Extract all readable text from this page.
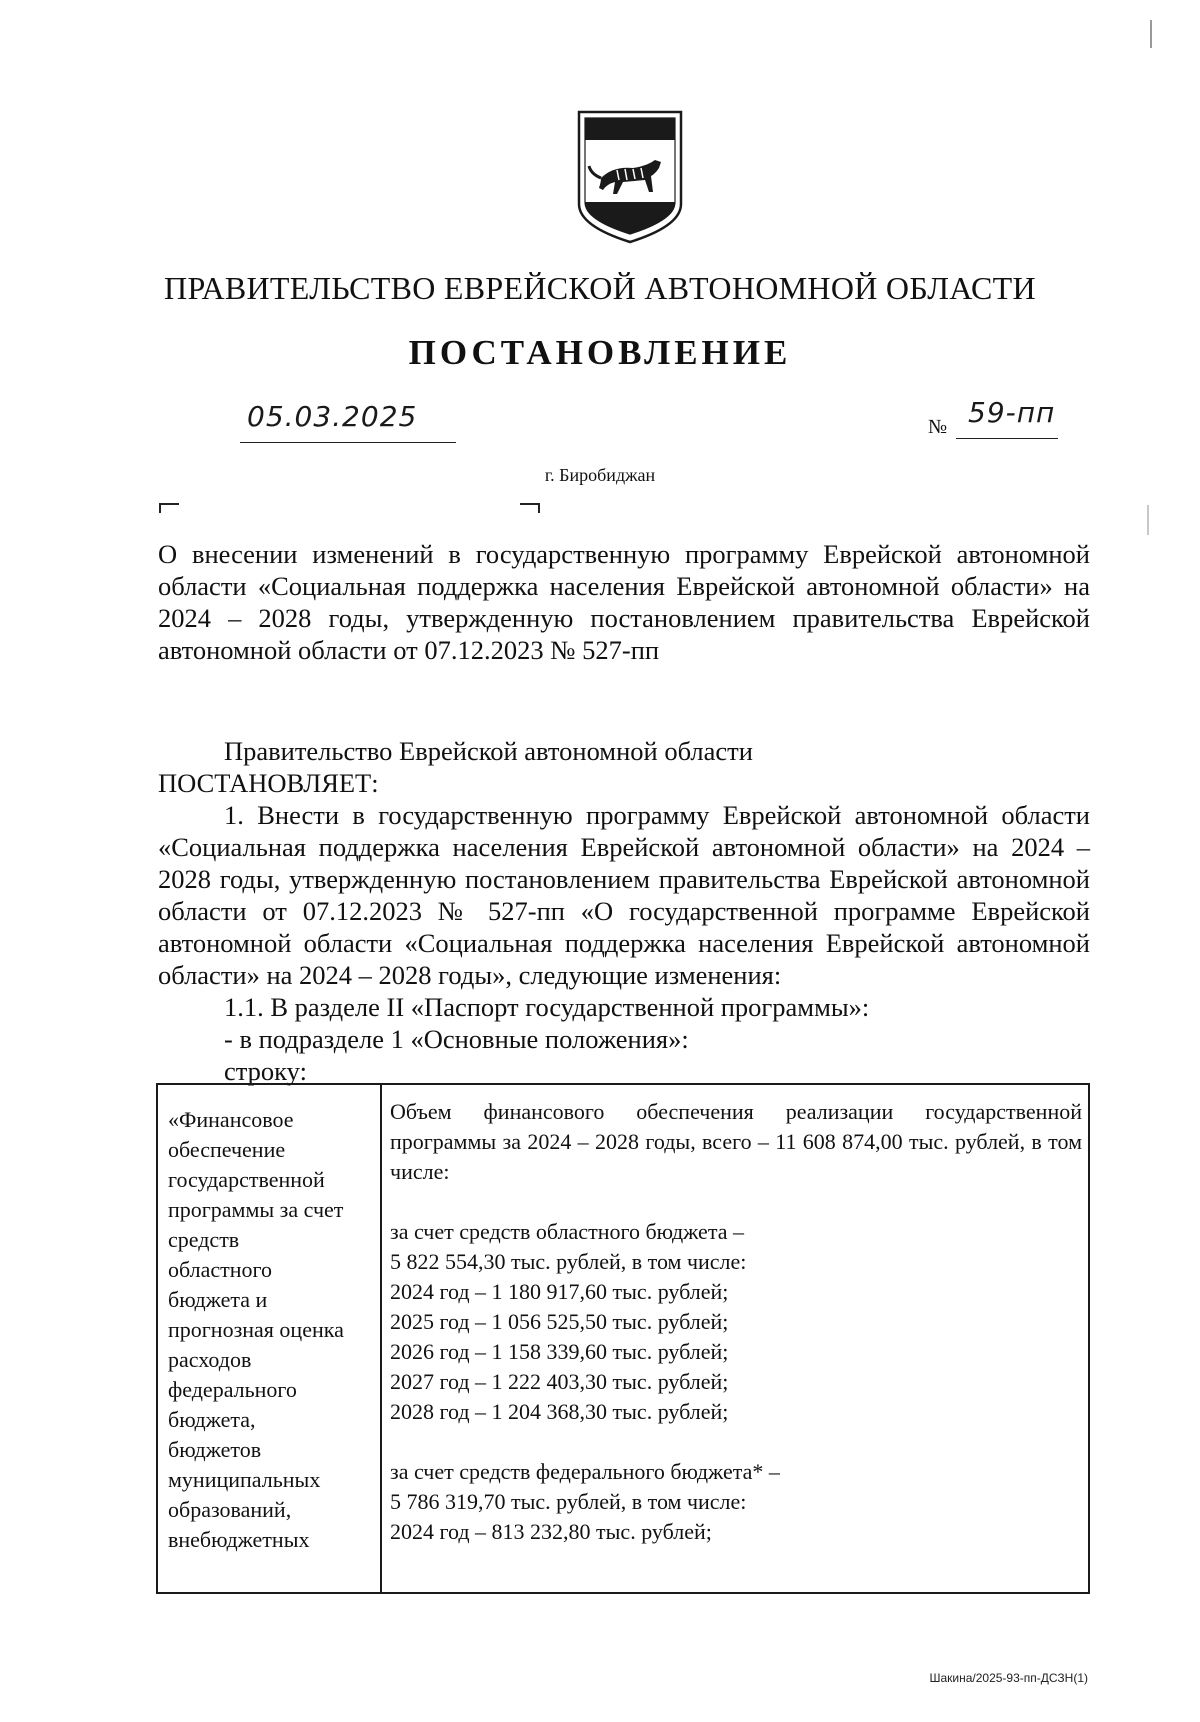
ПРАВИТЕЛЬСТВО ЕВРЕЙСКОЙ АВТОНОМНОЙ ОБЛАСТИ
ПОСТАНОВЛЕНИЕ
05.03.2025	№ 59-пп
г. Биробиджан
О внесении изменений в государственную программу Еврейской автономной области «Социальная поддержка населения Еврейской автономной области» на 2024 – 2028 годы, утвержденную постановлением правительства Еврейской автономной области от 07.12.2023 № 527-пп
Правительство Еврейской автономной области
ПОСТАНОВЛЯЕТ:
1. Внести в государственную программу Еврейской автономной области «Социальная поддержка населения Еврейской автономной области» на 2024 – 2028 годы, утвержденную постановлением правительства Еврейской автономной области от 07.12.2023 № 527-пп «О государственной программе Еврейской автономной области «Социальная поддержка населения Еврейской автономной области» на 2024 – 2028 годы», следующие изменения:
1.1. В разделе II «Паспорт государственной программы»:
- в подразделе 1 «Основные положения»:
строку:
«Финансовое
обеспечение
государственной
программы за счет
средств
областного
бюджета и
прогнозная оценка
расходов
федерального
бюджета,
бюджетов
муниципальных
образований,
внебюджетных
Объем финансового обеспечения реализации государственной программы за 2024 – 2028 годы, всего – 11 608 874,00 тыс. рублей, в том числе:
за счет средств областного бюджета –
5 822 554,30 тыс. рублей, в том числе:
2024 год – 1 180 917,60 тыс. рублей;
2025 год – 1 056 525,50 тыс. рублей;
2026 год – 1 158 339,60 тыс. рублей;
2027 год – 1 222 403,30 тыс. рублей;
2028 год – 1 204 368,30 тыс. рублей;
за счет средств федерального бюджета* –
5 786 319,70 тыс. рублей, в том числе:
2024 год – 813 232,80 тыс. рублей;
Шакина/2025-93-пп-ДСЗН(1)
